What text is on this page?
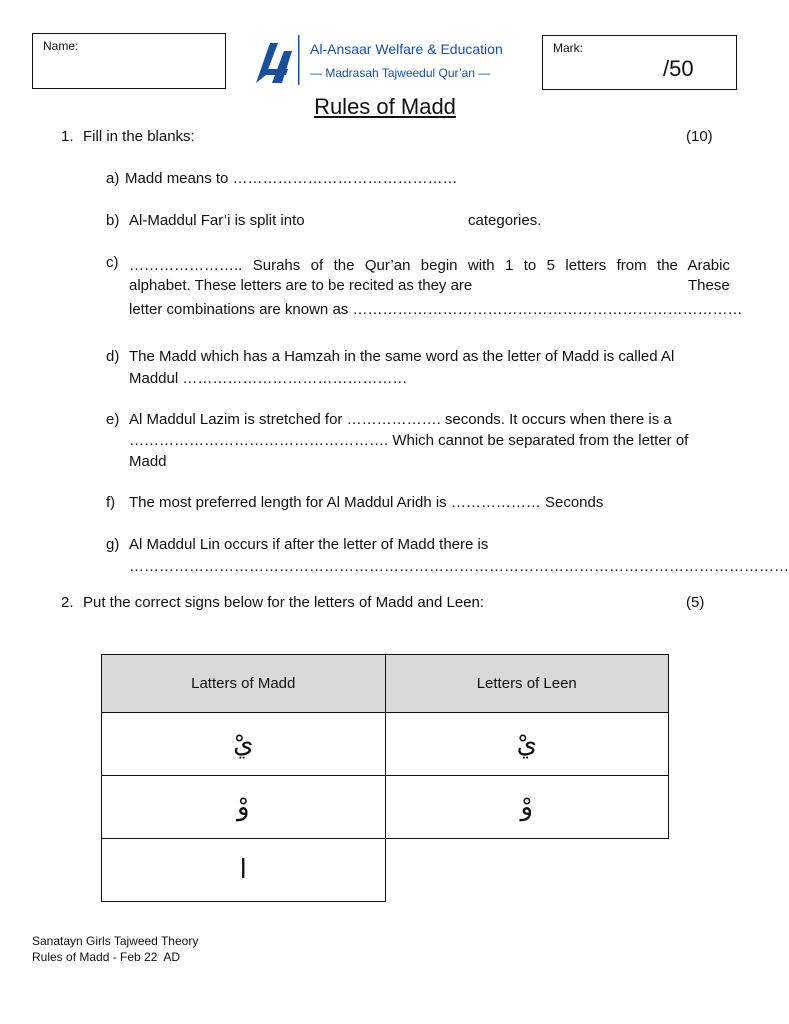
Name:	Al-Ansaar Welfare & Education
— Madrasah Tajweedul Qur’an —
Mark:
/50
Rules of Madd
1. Fill in the blanks:	(10)
a) Madd means to ………………………………………
b) Al-Maddul Far’i is split into	categories.
c) ………………….. Surahs of the Qur’an begin with 1 to 5 letters from the Arabic
alphabet. These letters are to be recited as they are	These
letter combinations are known as ……………………………………………………………………
d) The Madd which has a Hamzah in the same word as the letter of Madd is called Al
Maddul ………………………………………
e) Al Maddul Lazim is stretched for ………………. seconds. It occurs when there is a
……………………………………………. Which cannot be separated from the letter of
Madd
f) The most preferred length for Al Maddul Aridh is ……………… Seconds
g) Al Maddul Lin occurs if after the letter of Madd there is
……………………………………………………………………………………………………………………
2. Put the correct signs below for the letters of Madd and Leen:	(5)
Latters of Madd	Letters of Leen
يْ	يْ
وْ	وْ
ا	
Sanatayn Girls Tajweed Theory
Rules of Madd - Feb 22  AD
